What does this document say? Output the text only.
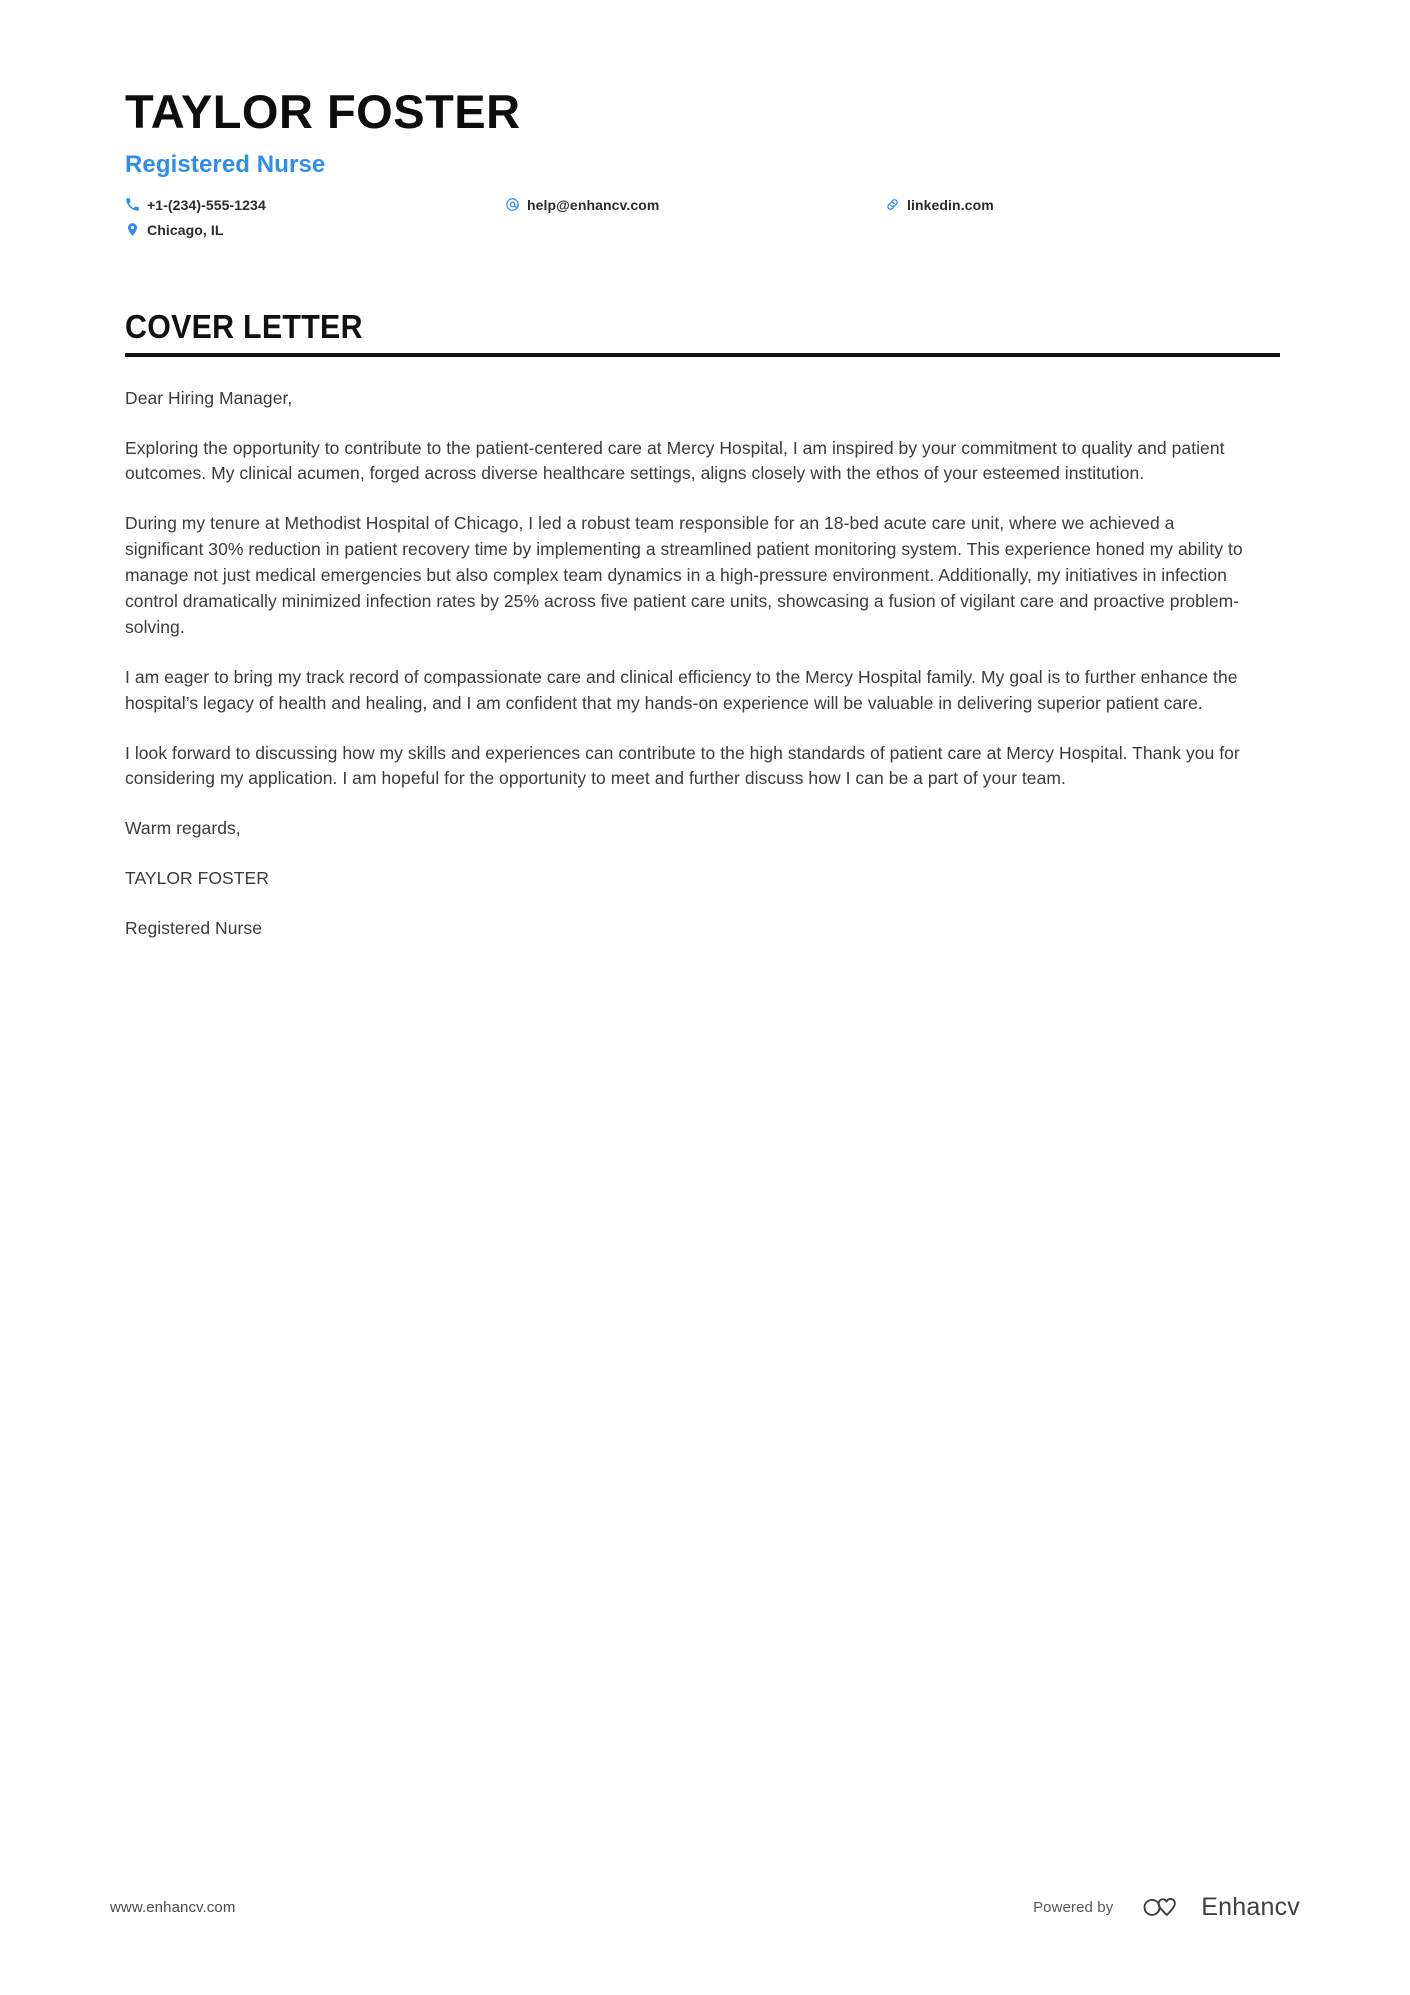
TAYLOR FOSTER
Registered Nurse
+1-(234)-555-1234	help@enhancv.com	linkedin.com
Chicago, IL
COVER LETTER

Dear Hiring Manager,

Exploring the opportunity to contribute to the patient-centered care at Mercy Hospital, I am inspired by your commitment to quality and patient outcomes. My clinical acumen, forged across diverse healthcare settings, aligns closely with the ethos of your esteemed institution.

During my tenure at Methodist Hospital of Chicago, I led a robust team responsible for an 18-bed acute care unit, where we achieved a significant 30% reduction in patient recovery time by implementing a streamlined patient monitoring system. This experience honed my ability to manage not just medical emergencies but also complex team dynamics in a high-pressure environment. Additionally, my initiatives in infection control dramatically minimized infection rates by 25% across five patient care units, showcasing a fusion of vigilant care and proactive problem-solving.

I am eager to bring my track record of compassionate care and clinical efficiency to the Mercy Hospital family. My goal is to further enhance the hospital’s legacy of health and healing, and I am confident that my hands-on experience will be valuable in delivering superior patient care.

I look forward to discussing how my skills and experiences can contribute to the high standards of patient care at Mercy Hospital. Thank you for considering my application. I am hopeful for the opportunity to meet and further discuss how I can be a part of your team.

Warm regards,

TAYLOR FOSTER

Registered Nurse

www.enhancv.com	Powered by	Enhancv
